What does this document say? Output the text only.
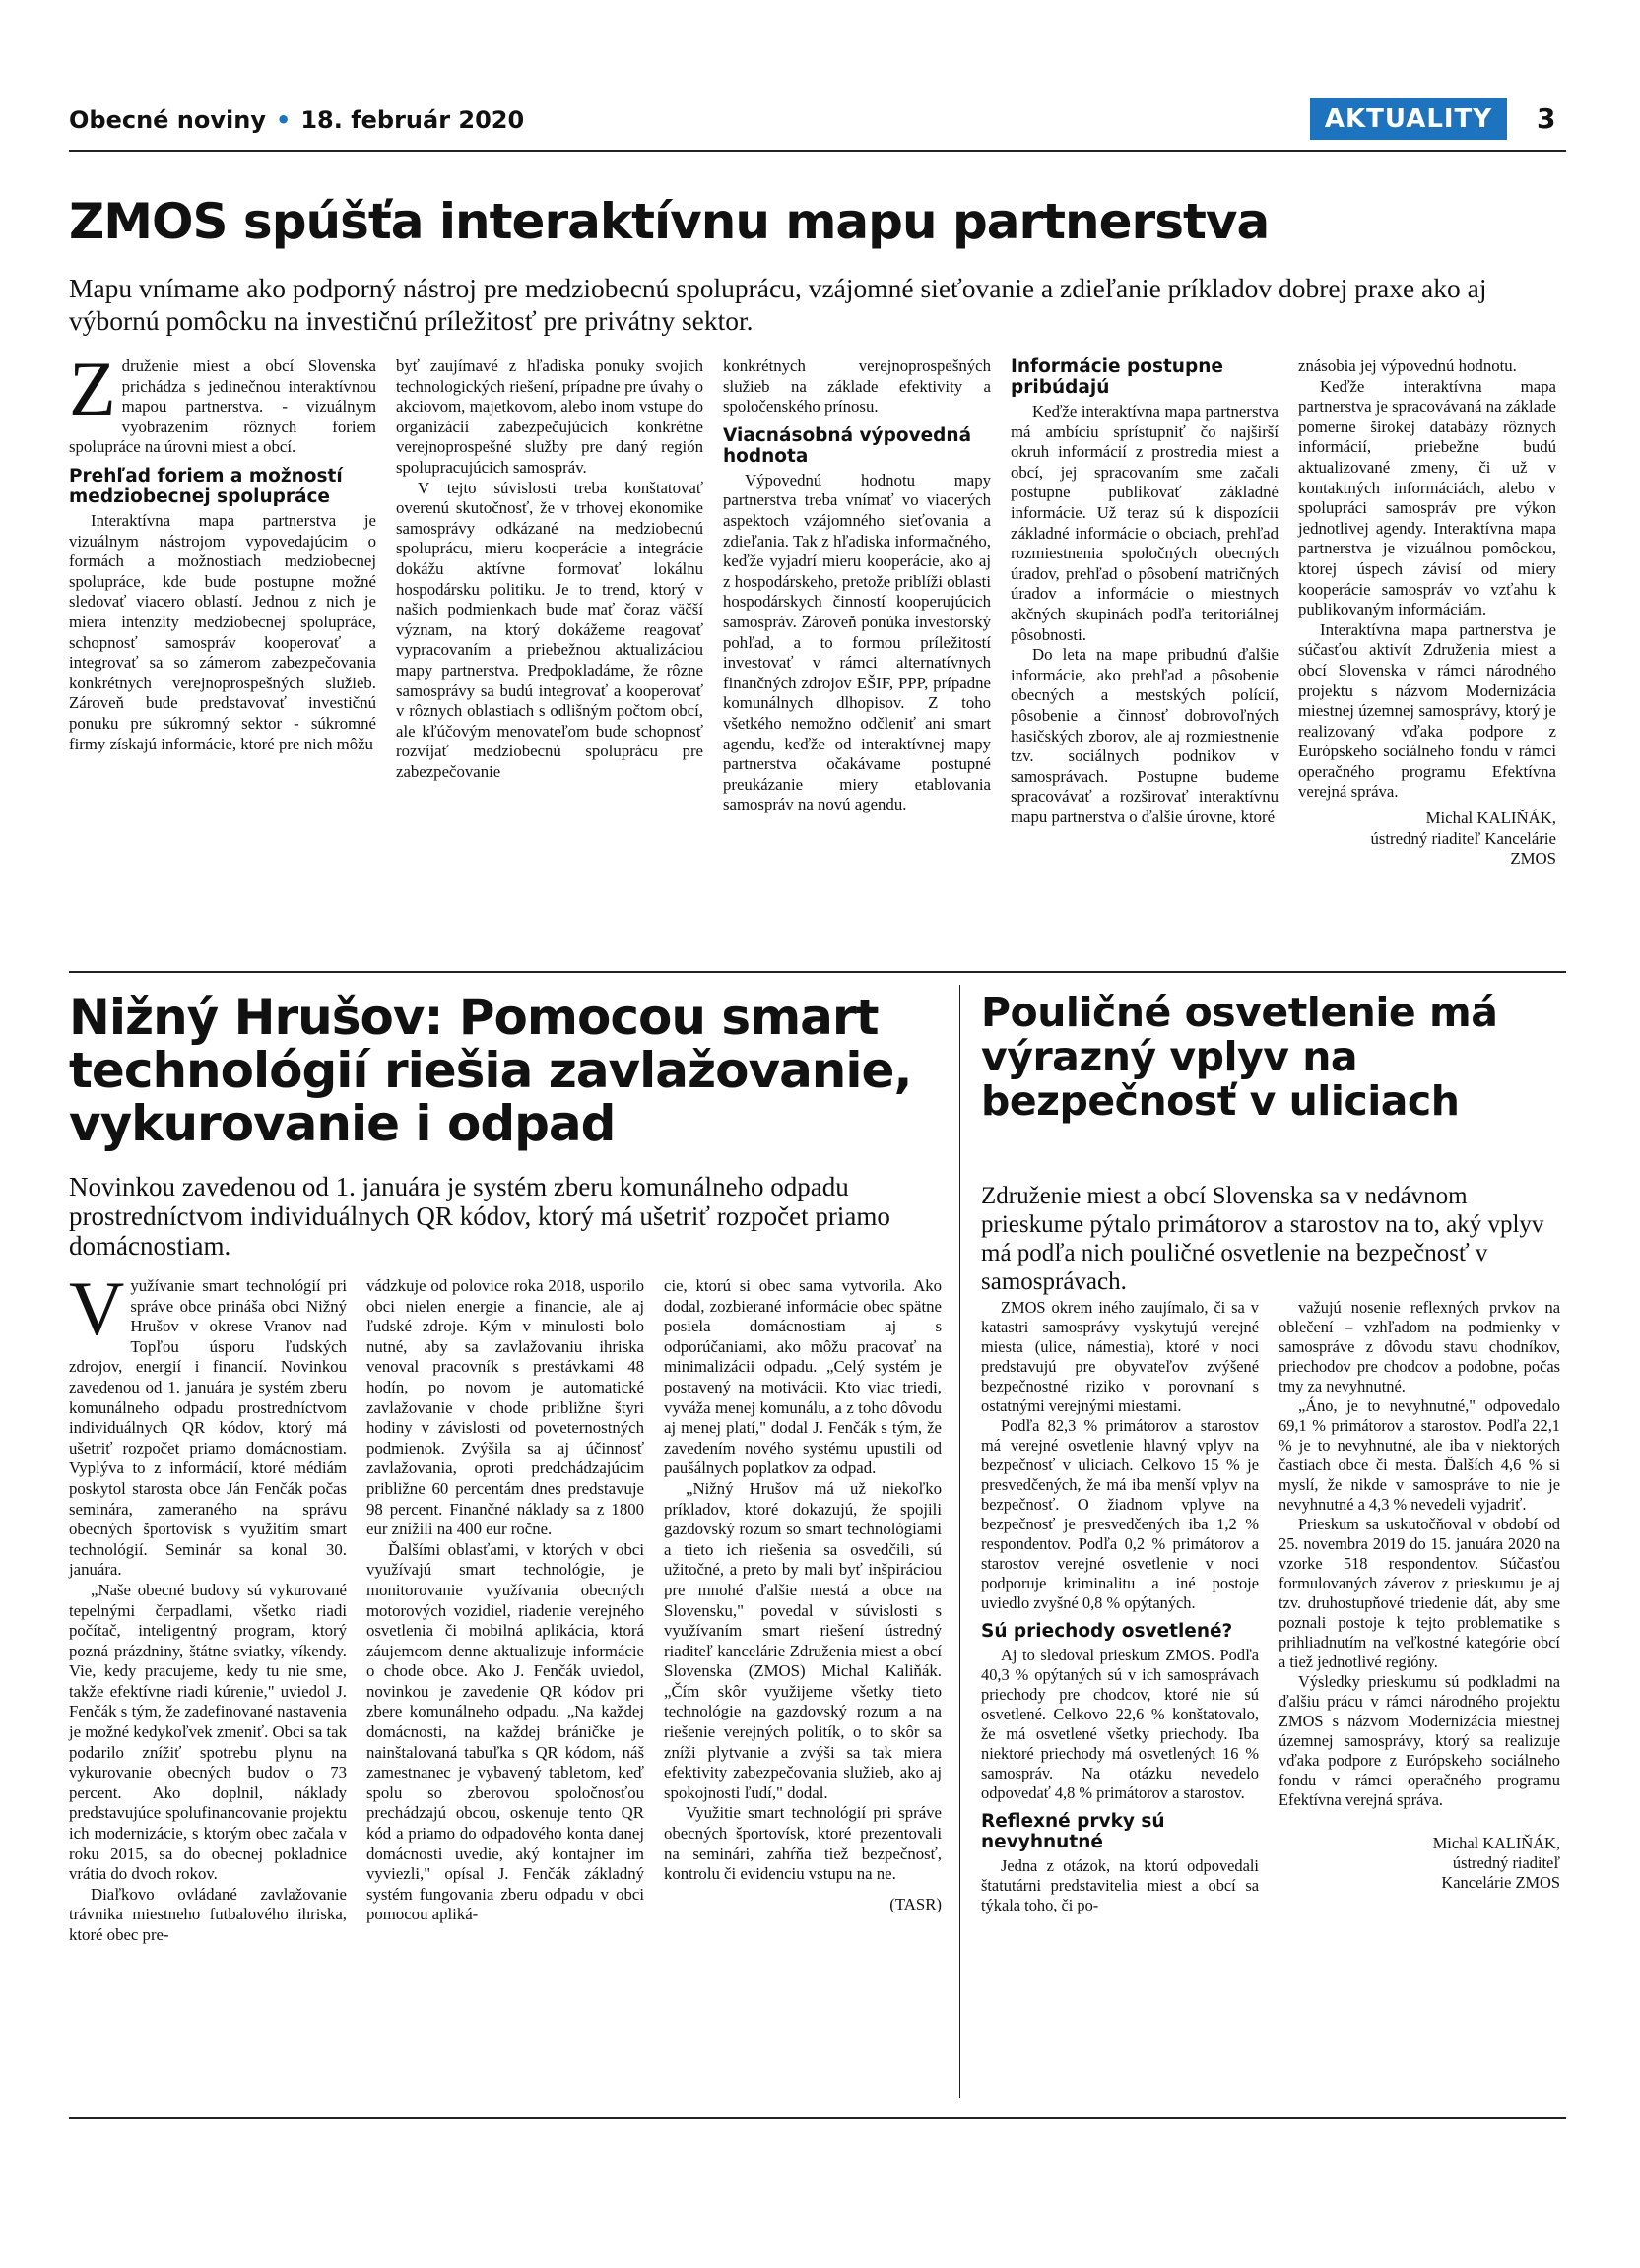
Obecné noviny • 18. február 2020	AKTUALITY	3
ZMOS spúšťa interaktívnu mapu partnerstva

Mapu vnímame ako podporný nástroj pre medziobecnú spoluprácu, vzájomné sieťovanie a zdieľanie príkladov dobrej praxe ako aj výbornú pomôcku na investičnú príležitosť pre privátny sektor.

Združenie miest a obcí Slovenska prichádza s jedinečnou interaktívnou mapou partnerstva. - vizuálnym vyobrazením rôznych foriem spolupráce na úrovni miest a obcí.

Prehľad foriem a možností medziobecnej spolupráce

Interaktívna mapa partnerstva je vizuálnym nástrojom vypovedajúcim o formách a možnostiach medziobecnej spolupráce, kde bude postupne možné sledovať viacero oblastí. Jednou z nich je miera intenzity medziobecnej spolupráce, schopnosť samospráv kooperovať a integrovať sa so zámerom zabezpečovania konkrétnych verejnoprospešných služieb. Zároveň bude predstavovať investičnú ponuku pre súkromný sektor - súkromné firmy získajú informácie, ktoré pre nich môžu

byť zaujímavé z hľadiska ponuky svojich technologických riešení, prípadne pre úvahy o akciovom, majetkovom, alebo inom vstupe do organizácií zabezpečujúcich konkrétne verejnoprospešné služby pre daný región spolupracujúcich samospráv.

V tejto súvislosti treba konštatovať overenú skutočnosť, že v trhovej ekonomike samosprávy odkázané na medziobecnú spoluprácu, mieru kooperácie a integrácie dokážu aktívne formovať lokálnu hospodársku politiku. Je to trend, ktorý v našich podmienkach bude mať čoraz väčší význam, na ktorý dokážeme reagovať vypracovaním a priebežnou aktualizáciou mapy partnerstva. Predpokladáme, že rôzne samosprávy sa budú integrovať a kooperovať v rôznych oblastiach s odlišným počtom obcí, ale kľúčovým menovateľom bude schopnosť rozvíjať medziobecnú spoluprácu pre zabezpečovanie

konkrétnych verejnoprospešných služieb na základe efektivity a spoločenského prínosu.

Viacnásobná výpovedná hodnota

Výpovednú hodnotu mapy partnerstva treba vnímať vo viacerých aspektoch vzájomného sieťovania a zdieľania. Tak z hľadiska informačného, keďže vyjadrí mieru kooperácie, ako aj z hospodárskeho, pretože priblíži oblasti hospodárskych činností kooperujúcich samospráv. Zároveň ponúka investorský pohľad, a to formou príležitostí investovať v rámci alternatívnych finančných zdrojov EŠIF, PPP, prípadne komunálnych dlhopisov. Z toho všetkého nemožno odčleniť ani smart agendu, keďže od interaktívnej mapy partnerstva očakávame postupné preukázanie miery etablovania samospráv na novú agendu.

Informácie postupne pribúdajú

Keďže interaktívna mapa partnerstva má ambíciu sprístupniť čo najširší okruh informácií z prostredia miest a obcí, jej spracovaním sme začali postupne publikovať základné informácie. Už teraz sú k dispozícii základné informácie o obciach, prehľad rozmiestnenia spoločných obecných úradov, prehľad o pôsobení matričných úradov a informácie o miestnych akčných skupinách podľa teritoriálnej pôsobnosti.

Do leta na mape pribudnú ďalšie informácie, ako prehľad a pôsobenie obecných a mestských polícií, pôsobenie a činnosť dobrovoľných hasičských zborov, ale aj rozmiestnenie tzv. sociálnych podnikov v samosprávach. Postupne budeme spracovávať a rozširovať interaktívnu mapu partnerstva o ďalšie úrovne, ktoré

znásobia jej výpovednú hodnotu.

Keďže interaktívna mapa partnerstva je spracovávaná na základe pomerne širokej databázy rôznych informácií, priebežne budú aktualizované zmeny, či už v kontaktných informáciách, alebo v spolupráci samospráv pre výkon jednotlivej agendy. Interaktívna mapa partnerstva je vizuálnou pomôckou, ktorej úspech závisí od miery kooperácie samospráv vo vzťahu k publikovaným informáciám.

Interaktívna mapa partnerstva je súčasťou aktivít Združenia miest a obcí Slovenska v rámci národného projektu s názvom Modernizácia miestnej územnej samosprávy, ktorý je realizovaný vďaka podpore z Európskeho sociálneho fondu v rámci operačného programu Efektívna verejná správa.

Michal KALIŇÁK,

ústredný riaditeľ Kancelárie

ZMOS

Nižný Hrušov: Pomocou smart technológií riešia zavlažovanie, vykurovanie i odpad

Novinkou zavedenou od 1. januára je systém zberu komunálneho odpadu prostredníctvom individuálnych QR kódov, ktorý má ušetriť rozpočet priamo domácnostiam.

Využívanie smart technológií pri správe obce prináša obci Nižný Hrušov v okrese Vranov nad Topľou úsporu ľudských zdrojov, energií i financií. Novinkou zavedenou od 1. januára je systém zberu komunálneho odpadu prostredníctvom individuálnych QR kódov, ktorý má ušetriť rozpočet priamo domácnostiam. Vyplýva to z informácií, ktoré médiám poskytol starosta obce Ján Fenčák počas seminára, zameraného na správu obecných športovísk s využitím smart technológií. Seminár sa konal 30. januára.

„Naše obecné budovy sú vykurované tepelnými čerpadlami, všetko riadi počítač, inteligentný program, ktorý pozná prázdniny, štátne sviatky, víkendy. Vie, kedy pracujeme, kedy tu nie sme, takže efektívne riadi kúrenie," uviedol J. Fenčák s tým, že zadefinované nastavenia je možné kedykoľvek zmeniť. Obci sa tak podarilo znížiť spotrebu plynu na vykurovanie obecných budov o 73 percent. Ako doplnil, náklady predstavujúce spolufinancovanie projektu ich modernizácie, s ktorým obec začala v roku 2015, sa do obecnej pokladnice vrátia do dvoch rokov.

Diaľkovo ovládané zavlažovanie trávnika miestneho futbalového ihriska, ktoré obec pre-

vádzkuje od polovice roka 2018, usporilo obci nielen energie a financie, ale aj ľudské zdroje. Kým v minulosti bolo nutné, aby sa zavlažovaniu ihriska venoval pracovník s prestávkami 48 hodín, po novom je automatické zavlažovanie v chode približne štyri hodiny v závislosti od poveternostných podmienok. Zvýšila sa aj účinnosť zavlažovania, oproti predchádzajúcim približne 60 percentám dnes predstavuje 98 percent. Finančné náklady sa z 1800 eur znížili na 400 eur ročne.

Ďalšími oblasťami, v ktorých v obci využívajú smart technológie, je monitorovanie využívania obecných motorových vozidiel, riadenie verejného osvetlenia či mobilná aplikácia, ktorá záujemcom denne aktualizuje informácie o chode obce. Ako J. Fenčák uviedol, novinkou je zavedenie QR kódov pri zbere komunálneho odpadu. „Na každej domácnosti, na každej bráničke je nainštalovaná tabuľka s QR kódom, náš zamestnanec je vybavený tabletom, keď spolu so zberovou spoločnosťou prechádzajú obcou, oskenuje tento QR kód a priamo do odpadového konta danej domácnosti uvedie, aký kontajner im vyviezli," opísal J. Fenčák základný systém fungovania zberu odpadu v obci pomocou apliká-

cie, ktorú si obec sama vytvorila. Ako dodal, zozbierané informácie obec spätne posiela domácnostiam aj s odporúčaniami, ako môžu pracovať na minimalizácii odpadu. „Celý systém je postavený na motivácii. Kto viac triedi, vyváža menej komunálu, a z toho dôvodu aj menej platí," dodal J. Fenčák s tým, že zavedením nového systému upustili od paušálnych poplatkov za odpad.

„Nižný Hrušov má už niekoľko príkladov, ktoré dokazujú, že spojili gazdovský rozum so smart technológiami a tieto ich riešenia sa osvedčili, sú užitočné, a preto by mali byť inšpiráciou pre mnohé ďalšie mestá a obce na Slovensku," povedal v súvislosti s využívaním smart riešení ústredný riaditeľ kancelárie Združenia miest a obcí Slovenska (ZMOS) Michal Kaliňák. „Čím skôr využijeme všetky tieto technológie na gazdovský rozum a na riešenie verejných politík, o to skôr sa zníži plytvanie a zvýši sa tak miera efektivity zabezpečovania služieb, ako aj spokojnosti ľudí," dodal.

Využitie smart technológií pri správe obecných športovísk, ktoré prezentovali na seminári, zahŕňa tiež bezpečnosť, kontrolu či evidenciu vstupu na ne.

(TASR)

Pouličné osvetlenie má výrazný vplyv na bezpečnosť v uliciach

Združenie miest a obcí Slovenska sa v nedávnom prieskume pýtalo primátorov a starostov na to, aký vplyv má podľa nich pouličné osvetlenie na bezpečnosť v samosprávach.

ZMOS okrem iného zaujímalo, či sa v katastri samosprávy vyskytujú verejné miesta (ulice, námestia), ktoré v noci predstavujú pre obyvateľov zvýšené bezpečnostné riziko v porovnaní s ostatnými verejnými miestami.

Podľa 82,3 % primátorov a starostov má verejné osvetlenie hlavný vplyv na bezpečnosť v uliciach. Celkovo 15 % je presvedčených, že má iba menší vplyv na bezpečnosť. O žiadnom vplyve na bezpečnosť je presvedčených iba 1,2 % respondentov. Podľa 0,2 % primátorov a starostov verejné osvetlenie v noci podporuje kriminalitu a iné postoje uviedlo zvyšné 0,8 % opýtaných.

Sú priechody osvetlené?

Aj to sledoval prieskum ZMOS. Podľa 40,3 % opýtaných sú v ich samosprávach priechody pre chodcov, ktoré nie sú osvetlené. Celkovo 22,6 % konštatovalo, že má osvetlené všetky priechody. Iba niektoré priechody má osvetlených 16 % samospráv. Na otázku nevedelo odpovedať 4,8 % primátorov a starostov.

Reflexné prvky sú nevyhnutné

Jedna z otázok, na ktorú odpovedali štatutárni predstavitelia miest a obcí sa týkala toho, či po-

važujú nosenie reflexných prvkov na oblečení – vzhľadom na podmienky v samospráve z dôvodu stavu chodníkov, priechodov pre chodcov a podobne, počas tmy za nevyhnutné.

„Áno, je to nevyhnutné," odpovedalo 69,1 % primátorov a starostov. Podľa 22,1 % je to nevyhnutné, ale iba v niektorých častiach obce či mesta. Ďalších 4,6 % si myslí, že nikde v samospráve to nie je nevyhnutné a 4,3 % nevedeli vyjadriť.

Prieskum sa uskutočňoval v období od 25. novembra 2019 do 15. januára 2020 na vzorke 518 respondentov. Súčasťou formulovaných záverov z prieskumu je aj tzv. druhostupňové triedenie dát, aby sme poznali postoje k tejto problematike s prihliadnutím na veľkostné kategórie obcí a tiež jednotlivé regióny.

Výsledky prieskumu sú podkladmi na ďalšiu prácu v rámci národného projektu ZMOS s názvom Modernizácia miestnej územnej samosprávy, ktorý sa realizuje vďaka podpore z Európskeho sociálneho fondu v rámci operačného programu Efektívna verejná správa.

Michal KALIŇÁK,

ústredný riaditeľ

Kancelárie ZMOS
